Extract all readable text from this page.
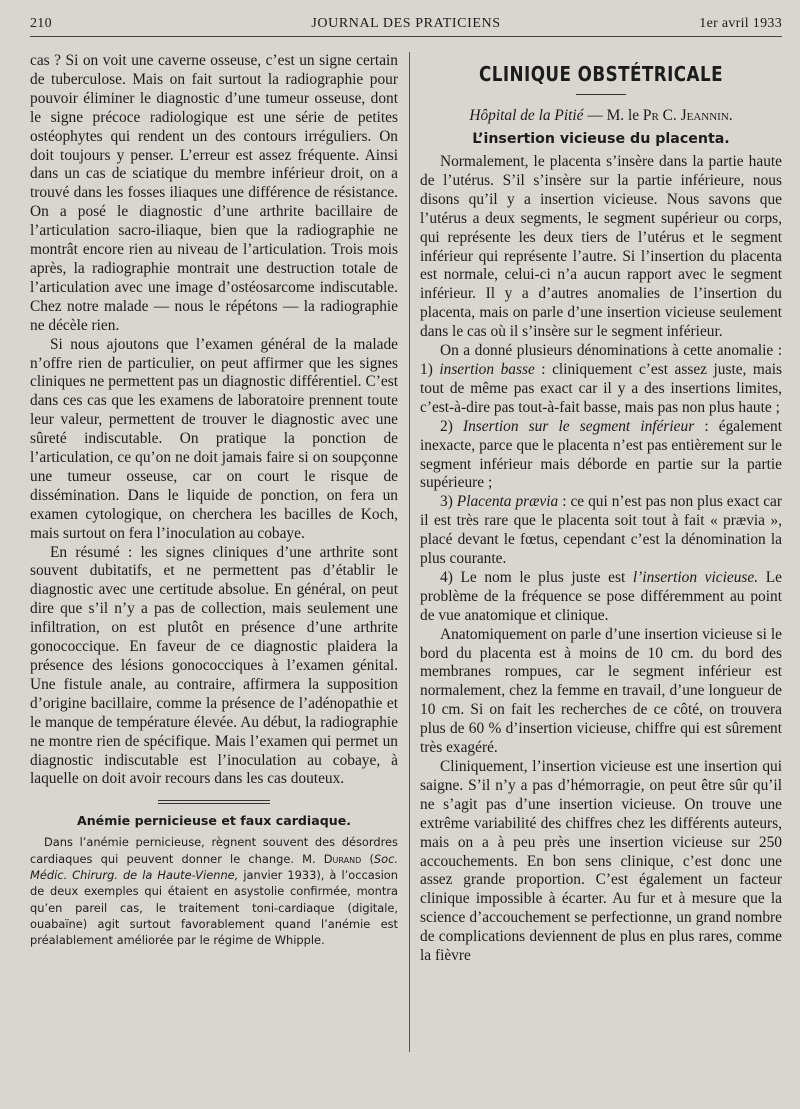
210	JOURNAL DES PRATICIENS	1er avril 1933

cas ? Si on voit une caverne osseuse, c’est un signe certain de tuberculose. Mais on fait surtout la radiographie pour pouvoir éliminer le diagnostic d’une tumeur osseuse, dont le signe précoce radiologique est une série de petites ostéophytes qui rendent un des contours irréguliers. On doit toujours y penser. L’erreur est assez fréquente. Ainsi dans un cas de sciatique du membre inférieur droit, on a trouvé dans les fosses iliaques une différence de résistance. On a posé le diagnostic d’une arthrite bacillaire de l’articulation sacro-iliaque, bien que la radiographie ne montrât encore rien au niveau de l’articulation. Trois mois après, la radiographie montrait une destruction totale de l’articulation avec une image d’ostéosarcome indiscutable. Chez notre malade — nous le répétons — la radiographie ne décèle rien.

Si nous ajoutons que l’examen général de la malade n’offre rien de particulier, on peut affirmer que les signes cliniques ne permettent pas un diagnostic différentiel. C’est dans ces cas que les examens de laboratoire prennent toute leur valeur, permettent de trouver le diagnostic avec une sûreté indiscutable. On pratique la ponction de l’articulation, ce qu’on ne doit jamais faire si on soupçonne une tumeur osseuse, car on court le risque de dissémination. Dans le liquide de ponction, on fera un examen cytologique, on cherchera les bacilles de Koch, mais surtout on fera l’inoculation au cobaye.

En résumé : les signes cliniques d’une arthrite sont souvent dubitatifs, et ne permettent pas d’établir le diagnostic avec une certitude absolue. En général, on peut dire que s’il n’y a pas de collection, mais seulement une infiltration, on est plutôt en présence d’une arthrite gonococcique. En faveur de ce diagnostic plaidera la présence des lésions gonococciques à l’examen génital. Une fistule anale, au contraire, affirmera la supposition d’origine bacillaire, comme la présence de l’adénopathie et le manque de température élevée. Au début, la radiographie ne montre rien de spécifique. Mais l’examen qui permet un diagnostic indiscutable est l’inoculation au cobaye, à laquelle on doit avoir recours dans les cas douteux.

Anémie pernicieuse et faux cardiaque.

Dans l’anémie pernicieuse, règnent souvent des désordres cardiaques qui peuvent donner le change. M. Durand (Soc. Médic. Chirurg. de la Haute-Vienne, janvier 1933), à l’occasion de deux exemples qui étaient en asystolie confirmée, montra qu’en pareil cas, le traitement toni-cardiaque (digitale, ouabaïne) agit surtout favorablement quand l’anémie est préalablement améliorée par le régime de Whipple.

CLINIQUE OBSTÉTRICALE
Hôpital de la Pitié — M. le Pr C. Jeannin.
L’insertion vicieuse du placenta.

Normalement, le placenta s’insère dans la partie haute de l’utérus. S’il s’insère sur la partie inférieure, nous disons qu’il y a insertion vicieuse. Nous savons que l’utérus a deux segments, le segment supérieur ou corps, qui représente les deux tiers de l’utérus et le segment inférieur qui représente l’autre. Si l’insertion du placenta est normale, celui-ci n’a aucun rapport avec le segment inférieur. Il y a d’autres anomalies de l’insertion du placenta, mais on parle d’une insertion vicieuse seulement dans le cas où il s’insère sur le segment inférieur.

On a donné plusieurs dénominations à cette anomalie : 1) insertion basse : cliniquement c’est assez juste, mais tout de même pas exact car il y a des insertions limites, c’est-à-dire pas tout-à-fait basse, mais pas non plus haute ;

2) Insertion sur le segment inférieur : également inexacte, parce que le placenta n’est pas entièrement sur le segment inférieur mais déborde en partie sur la partie supérieure ;

3) Placenta prævia : ce qui n’est pas non plus exact car il est très rare que le placenta soit tout à fait « prævia », placé devant le fœtus, cependant c’est la dénomination la plus courante.

4) Le nom le plus juste est l’insertion vicieuse. Le problème de la fréquence se pose différemment au point de vue anatomique et clinique.

Anatomiquement on parle d’une insertion vicieuse si le bord du placenta est à moins de 10 cm. du bord des membranes rompues, car le segment inférieur est normalement, chez la femme en travail, d’une longueur de 10 cm. Si on fait les recherches de ce côté, on trouvera plus de 60 % d’insertion vicieuse, chiffre qui est sûrement très exagéré.

Cliniquement, l’insertion vicieuse est une insertion qui saigne. S’il n’y a pas d’hémorragie, on peut être sûr qu’il ne s’agit pas d’une insertion vicieuse. On trouve une extrême variabilité des chiffres chez les différents auteurs, mais on a à peu près une insertion vicieuse sur 250 accouchements. En bon sens clinique, c’est donc une assez grande proportion. C’est également un facteur clinique impossible à écarter. Au fur et à mesure que la science d’accouchement se perfectionne, un grand nombre de complications deviennent de plus en plus rares, comme la fièvre
